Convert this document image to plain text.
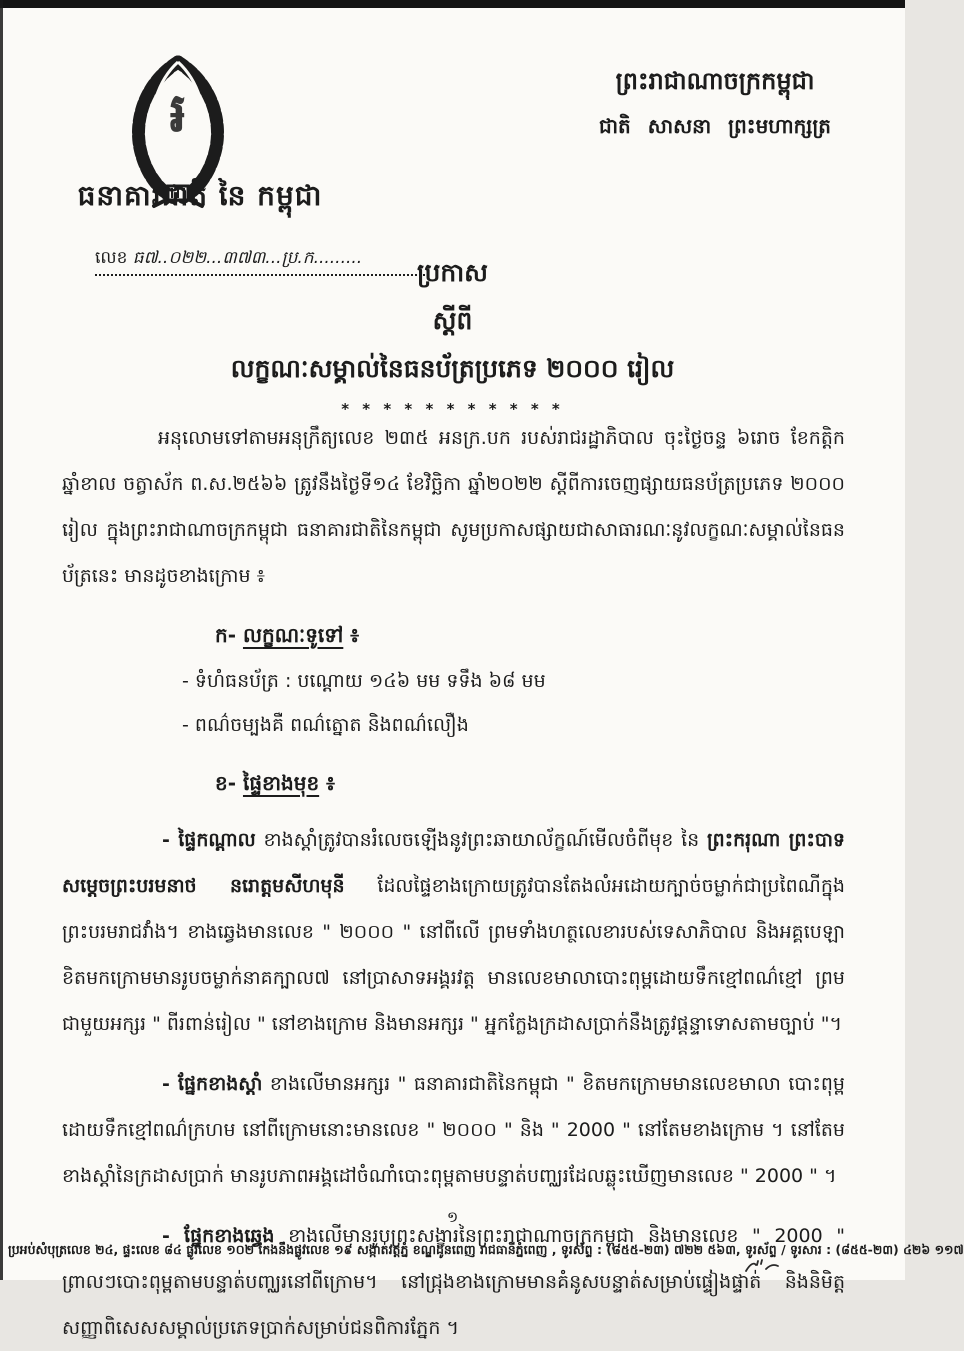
៛
ធនាគារជាតិ នៃ កម្ពុជា
លេខ ធ៧..០២២...៣៧៣...ប្រ.ក.........
ព្រះរាជាណាចក្រកម្ពុជា
ជាតិ សាសនា ព្រះមហាក្សត្រ
ប្រកាស
ស្តីពី
លក្ខណៈសម្គាល់នៃធនប័ត្រប្រភេទ ២០០០ រៀល
* * * * * * * * * * *

អនុលោមទៅតាមអនុក្រឹត្យលេខ ២៣៥ អនក្រ.បក របស់រាជរដ្ឋាភិបាល ចុះថ្ងៃចន្ទ ៦រោច ខែកត្តិក ឆ្នាំខាល ចត្វាស័ក ព.ស.២៥៦៦ ត្រូវនឹងថ្ងៃទី១៤ ខែវិច្ឆិកា ឆ្នាំ២០២២ ស្តីពីការចេញផ្សាយធនប័ត្រប្រភេទ ២០០០ រៀល ក្នុងព្រះរាជាណាចក្រកម្ពុជា ធនាគារជាតិនៃកម្ពុជា សូមប្រកាសផ្សាយជាសាធារណៈនូវលក្ខណៈសម្គាល់នៃធនប័ត្រនេះ មានដូចខាងក្រោម ៖

ក- លក្ខណៈទូទៅ ៖

- ទំហំធនប័ត្រ : បណ្តោយ ១៤៦ មម ទទឹង ៦៨ មម

- ពណ៌ចម្បងគឺ ពណ៌ត្នោត និងពណ៌លឿង

ខ- ផ្ទៃខាងមុខ ៖

- ផ្ទៃកណ្តាល ខាងស្តាំត្រូវបានរំលេចឡើងនូវព្រះឆាយាល័ក្ខណ៍មើលចំពីមុខ នៃ ព្រះករុណា ព្រះបាទ សម្តេចព្រះបរមនាថ នរោត្តមសីហមុនី ដែលផ្ទៃខាងក្រោយត្រូវបានតែងលំអដោយក្បាច់ចម្លាក់ជាប្រពៃណីក្នុងព្រះបរមរាជវាំង។ ខាងឆ្វេងមានលេខ " ២០០០ " នៅពីលើ ព្រមទាំងហត្ថលេខារបស់ទេសាភិបាល និងអគ្គបេឡា ខិតមកក្រោមមានរូបចម្លាក់នាគក្បាល៧ នៅប្រាសាទអង្គរវត្ត មានលេខមាលាបោះពុម្ពដោយទឹកខ្មៅពណ៌ខ្មៅ ព្រមជាមួយអក្សរ " ពីរពាន់រៀល " នៅខាងក្រោម និងមានអក្សរ " អ្នកក្លែងក្រដាសប្រាក់នឹងត្រូវផ្តន្ទាទោសតាមច្បាប់ "។

- ផ្នែកខាងស្តាំ ខាងលើមានអក្សរ " ធនាគារជាតិនៃកម្ពុជា " ខិតមកក្រោមមានលេខមាលា បោះពុម្ពដោយទឹកខ្មៅពណ៌ក្រហម នៅពីក្រោមនោះមានលេខ " ២០០០ " និង " 2000 " នៅតែមខាងក្រោម ។ នៅតែមខាងស្តាំនៃក្រដាសប្រាក់ មានរូបភាពអង្គដៅចំណាំបោះពុម្ពតាមបន្ទាត់បញ្ឈរដែលឆ្លុះឃើញមានលេខ " 2000 " ។

- ផ្នែកខាងឆ្វេង ខាងលើមានរូបព្រះសង្ខារនៃព្រះរាជាណាចក្រកម្ពុជា និងមានលេខ " 2000 " ព្រាលៗបោះពុម្ពតាមបន្ទាត់បញ្ឈរនៅពីក្រោម។ នៅជ្រុងខាងក្រោមមានគំនូសបន្ទាត់សម្រាប់ផ្ទៀងផ្ទាត់ និងនិមិត្តសញ្ញាពិសេសសម្គាល់ប្រភេទប្រាក់សម្រាប់ជនពិការភ្នែក ។

១
ប្រអប់សំបុត្រលេខ ២៤, ផ្ទះលេខ ៨៤ ផ្លូវលេខ ១០២ កែងនឹងផ្លូវលេខ ១៩ សង្កាត់វត្តភ្នំ ខណ្ឌដូនពេញ រាជធានីភ្នំពេញ , ទូរស័ព្ទ : (៨៥៥-២៣) ៧២២ ៥៦៣, ទូរស័ព្ទ / ទូរសារ : (៨៥៥-២៣) ៤២៦ ១១៧
